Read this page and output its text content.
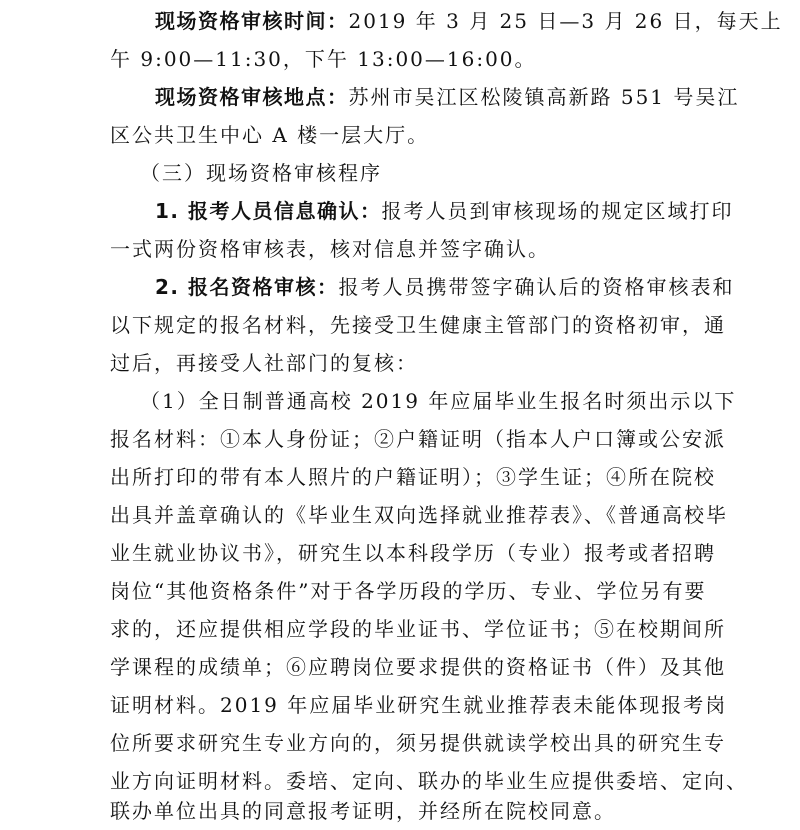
现场资格审核时间：2019 年 3 月 25 日—3 月 26 日，每天上
午 9:00—11:30，下午 13:00—16:00。
现场资格审核地点：苏州市吴江区松陵镇高新路 551 号吴江
区公共卫生中心 A 楼一层大厅。
（三）现场资格审核程序
1. 报考人员信息确认：报考人员到审核现场的规定区域打印
一式两份资格审核表，核对信息并签字确认。
2. 报名资格审核：报考人员携带签字确认后的资格审核表和
以下规定的报名材料，先接受卫生健康主管部门的资格初审，通
过后，再接受人社部门的复核：
（1）全日制普通高校 2019 年应届毕业生报名时须出示以下
报名材料：①本人身份证；②户籍证明（指本人户口簿或公安派
出所打印的带有本人照片的户籍证明）；③学生证；④所在院校
出具并盖章确认的《毕业生双向选择就业推荐表》、《普通高校毕
业生就业协议书》，研究生以本科段学历（专业）报考或者招聘
岗位“其他资格条件”对于各学历段的学历、专业、学位另有要
求的，还应提供相应学段的毕业证书、学位证书；⑤在校期间所
学课程的成绩单；⑥应聘岗位要求提供的资格证书（件）及其他
证明材料。2019 年应届毕业研究生就业推荐表未能体现报考岗
位所要求研究生专业方向的，须另提供就读学校出具的研究生专
业方向证明材料。委培、定向、联办的毕业生应提供委培、定向、
联办单位出具的同意报考证明，并经所在院校同意。
